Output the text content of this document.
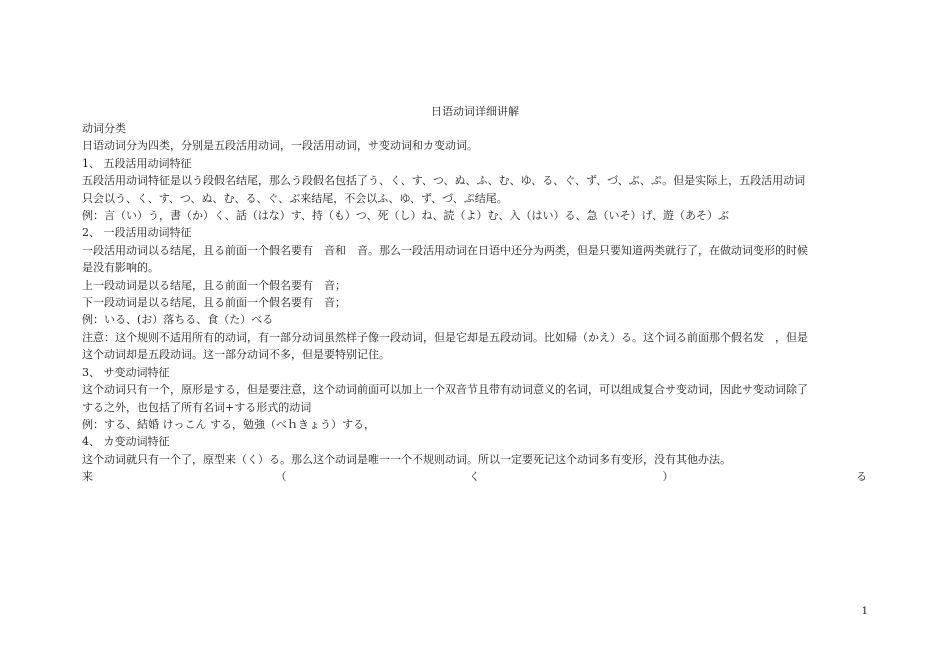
日语动词详细讲解

动词分类

日语动词分为四类，分别是五段活用动词，一段活用动词，サ变动词和カ变动词。

1、 五段活用动词特征

五段活用动词特征是以う段假名结尾，那么う段假名包括了う、く、す、つ、ぬ、ふ、む、ゆ、る、ぐ、ず、づ、ぶ、ぷ。但是实际上，五段活用动词

只会以う、く、す、つ、ぬ、む、る、ぐ、ぶ来结尾，不会以ふ、ゆ、ず、づ、ぷ结尾。

例：言（い）う，書（か）く、話（はな）す、持（も）つ、死（し）ね、読（よ）む、入（はい）る、急（いそ）げ、遊（あそ）ぶ

2、 一段活用动词特征

一段活用动词以る结尾，且る前面一个假名要有　音和　音。那么一段活用动词在日语中还分为两类，但是只要知道两类就行了，在做动词变形的时候

是没有影响的。

上一段动词是以る结尾，且る前面一个假名要有　音；

下一段动词是以る结尾，且る前面一个假名要有　音；

例：いる、(お）落ちる、食（た）べる

注意：这个规则不适用所有的动词，有一部分动词虽然样子像一段动词，但是它却是五段动词。比如帰（かえ）る。这个词る前面那个假名发　，但是

这个动词却是五段动词。这一部分动词不多，但是要特别记住。

3、 サ变动词特征

这个动词只有一个，原形是する，但是要注意，这个动词前面可以加上一个双音节且带有动词意义的名词，可以组成复合サ变动词，因此サ变动词除了

する之外，也包括了所有名词+する形式的动词

例：する、結婚 けっこん する，勉強（べｈきょう）する，

4、 カ变动词特征

这个动词就只有一个了，原型来（く）る。那么这个动词是唯一一个不规则动词。所以一定要死记这个动词多有变形，没有其他办法。

来	（	く	）	る
1
